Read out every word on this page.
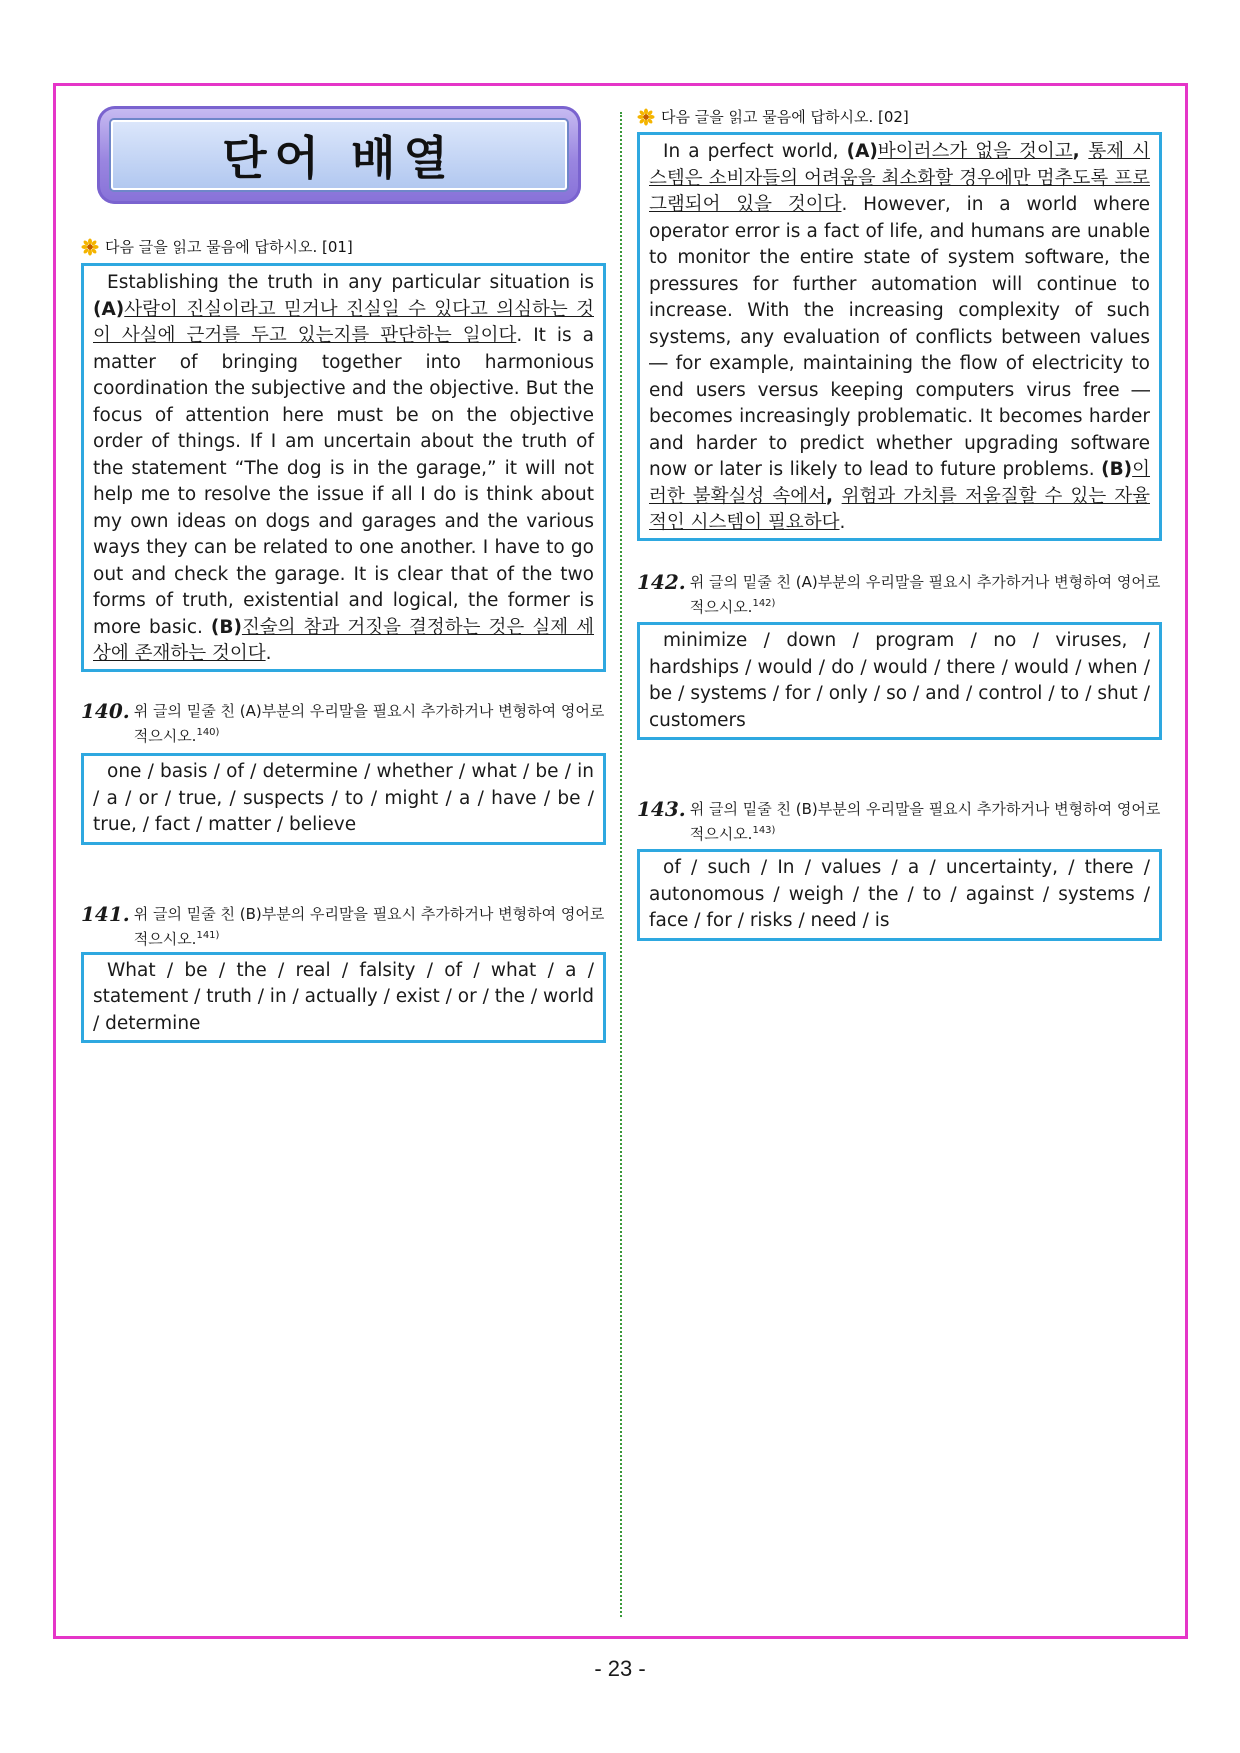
단어 배열
다음 글을 읽고 물음에 답하시오. [01]

Establishing the truth in any particular situation is (A)사람이 진실이라고 믿거나 진실일 수 있다고 의심하는 것이 사실에 근거를 두고 있는지를 판단하는 일이다. It is a matter of bringing together into harmonious coordination the subjective and the objective. But the focus of attention here must be on the objective order of things. If I am uncertain about the truth of the statement “The dog is in the garage,” it will not help me to resolve the issue if all I do is think about my own ideas on dogs and garages and the various ways they can be related to one another. I have to go out and check the garage. It is clear that of the two forms of truth, existential and logical, the former is more basic. (B)진술의 참과 거짓을 결정하는 것은 실제 세상에 존재하는 것이다.

140. 위 글의 밑줄 친 (A)부분의 우리말을 필요시 추가하거나 변형하여 영어로 적으시오.$^{140)}$

one / basis / of / determine / whether / what / be / in / a / or / true, / suspects / to / might / a / have / be / true, / fact / matter / believe

141. 위 글의 밑줄 친 (B)부분의 우리말을 필요시 추가하거나 변형하여 영어로 적으시오.$^{141)}$

What / be / the / real / falsity / of / what / a / statement / truth / in / actually / exist / or / the / world / determine

다음 글을 읽고 물음에 답하시오. [02]

In a perfect world, (A)바이러스가 없을 것이고, 통제 시스템은 소비자들의 어려움을 최소화할 경우에만 멈추도록 프로그램되어 있을 것이다. However, in a world where operator error is a fact of life, and humans are unable to monitor the entire state of system software, the pressures for further automation will continue to increase. With the increasing complexity of such systems, any evaluation of conflicts between values ― for example, maintaining the flow of electricity to end users versus keeping computers virus free ― becomes increasingly problematic. It becomes harder and harder to predict whether upgrading software now or later is likely to lead to future problems. (B)이러한 불확실성 속에서, 위험과 가치를 저울질할 수 있는 자율적인 시스템이 필요하다.

142. 위 글의 밑줄 친 (A)부분의 우리말을 필요시 추가하거나 변형하여 영어로 적으시오.$^{142)}$

minimize / down / program / no / viruses, / hardships / would / do / would / there / would / when / be / systems / for / only / so / and / control / to / shut / customers

143. 위 글의 밑줄 친 (B)부분의 우리말을 필요시 추가하거나 변형하여 영어로 적으시오.$^{143)}$

of / such / In / values / a / uncertainty, / there / autonomous / weigh / the / to / against / systems / face / for / risks / need / is

- 23 -
